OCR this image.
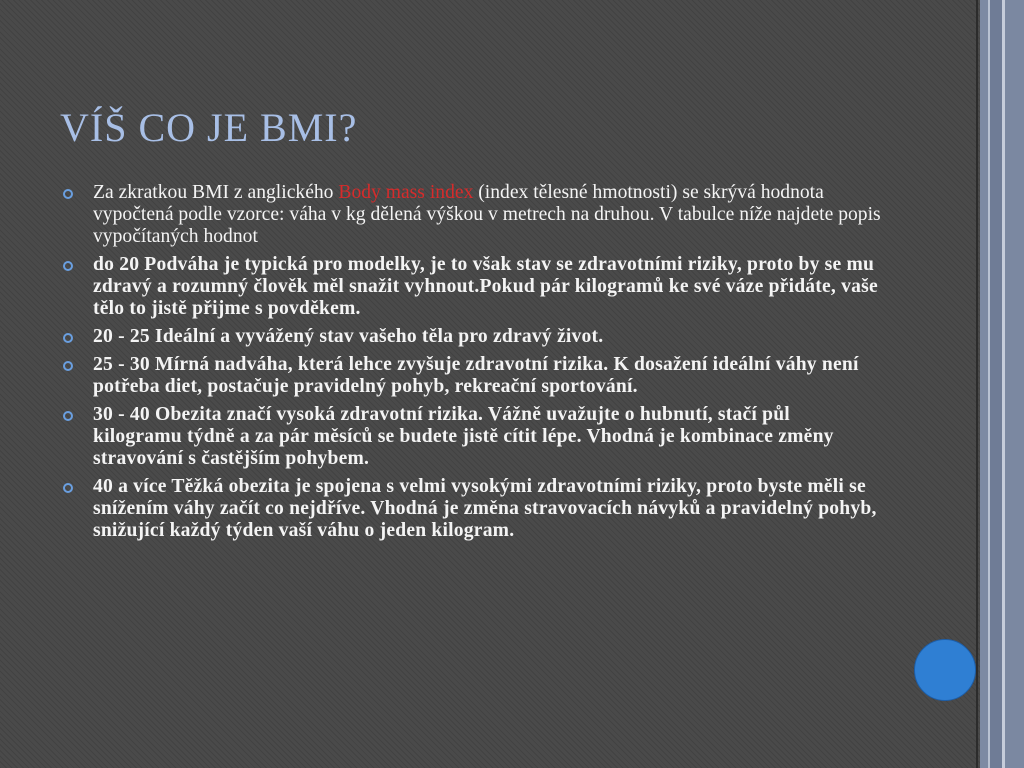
VÍŠ CO JE BMI?
Za zkratkou BMI z anglického Body mass index (index tělesné hmotnosti) se skrývá hodnota vypočtená podle vzorce: váha v kg dělená výškou v metrech na druhou. V tabulce níže najdete popis vypočítaných hodnot
do 20 Podváha je typická pro modelky, je to však stav se zdravotními riziky, proto by se mu zdravý a rozumný člověk měl snažit vyhnout.Pokud pár kilogramů ke své váze přidáte, vaše tělo to jistě přijme s povděkem.
20 - 25 Ideální a vyvážený stav vašeho těla pro zdravý život.
25 - 30 Mírná nadváha, která lehce zvyšuje zdravotní rizika. K dosažení ideální váhy není potřeba diet, postačuje pravidelný pohyb, rekreační sportování.
30 - 40 Obezita značí vysoká zdravotní rizika. Vážně uvažujte o hubnutí, stačí půl kilogramu týdně a za pár měsíců se budete jistě cítit lépe. Vhodná je kombinace změny stravování s častějším pohybem.
40 a více Těžká obezita je spojena s velmi vysokými zdravotními riziky, proto byste měli se snížením váhy začít co nejdříve. Vhodná je změna stravovacích návyků a pravidelný pohyb, snižující každý týden vaší váhu o jeden kilogram.
